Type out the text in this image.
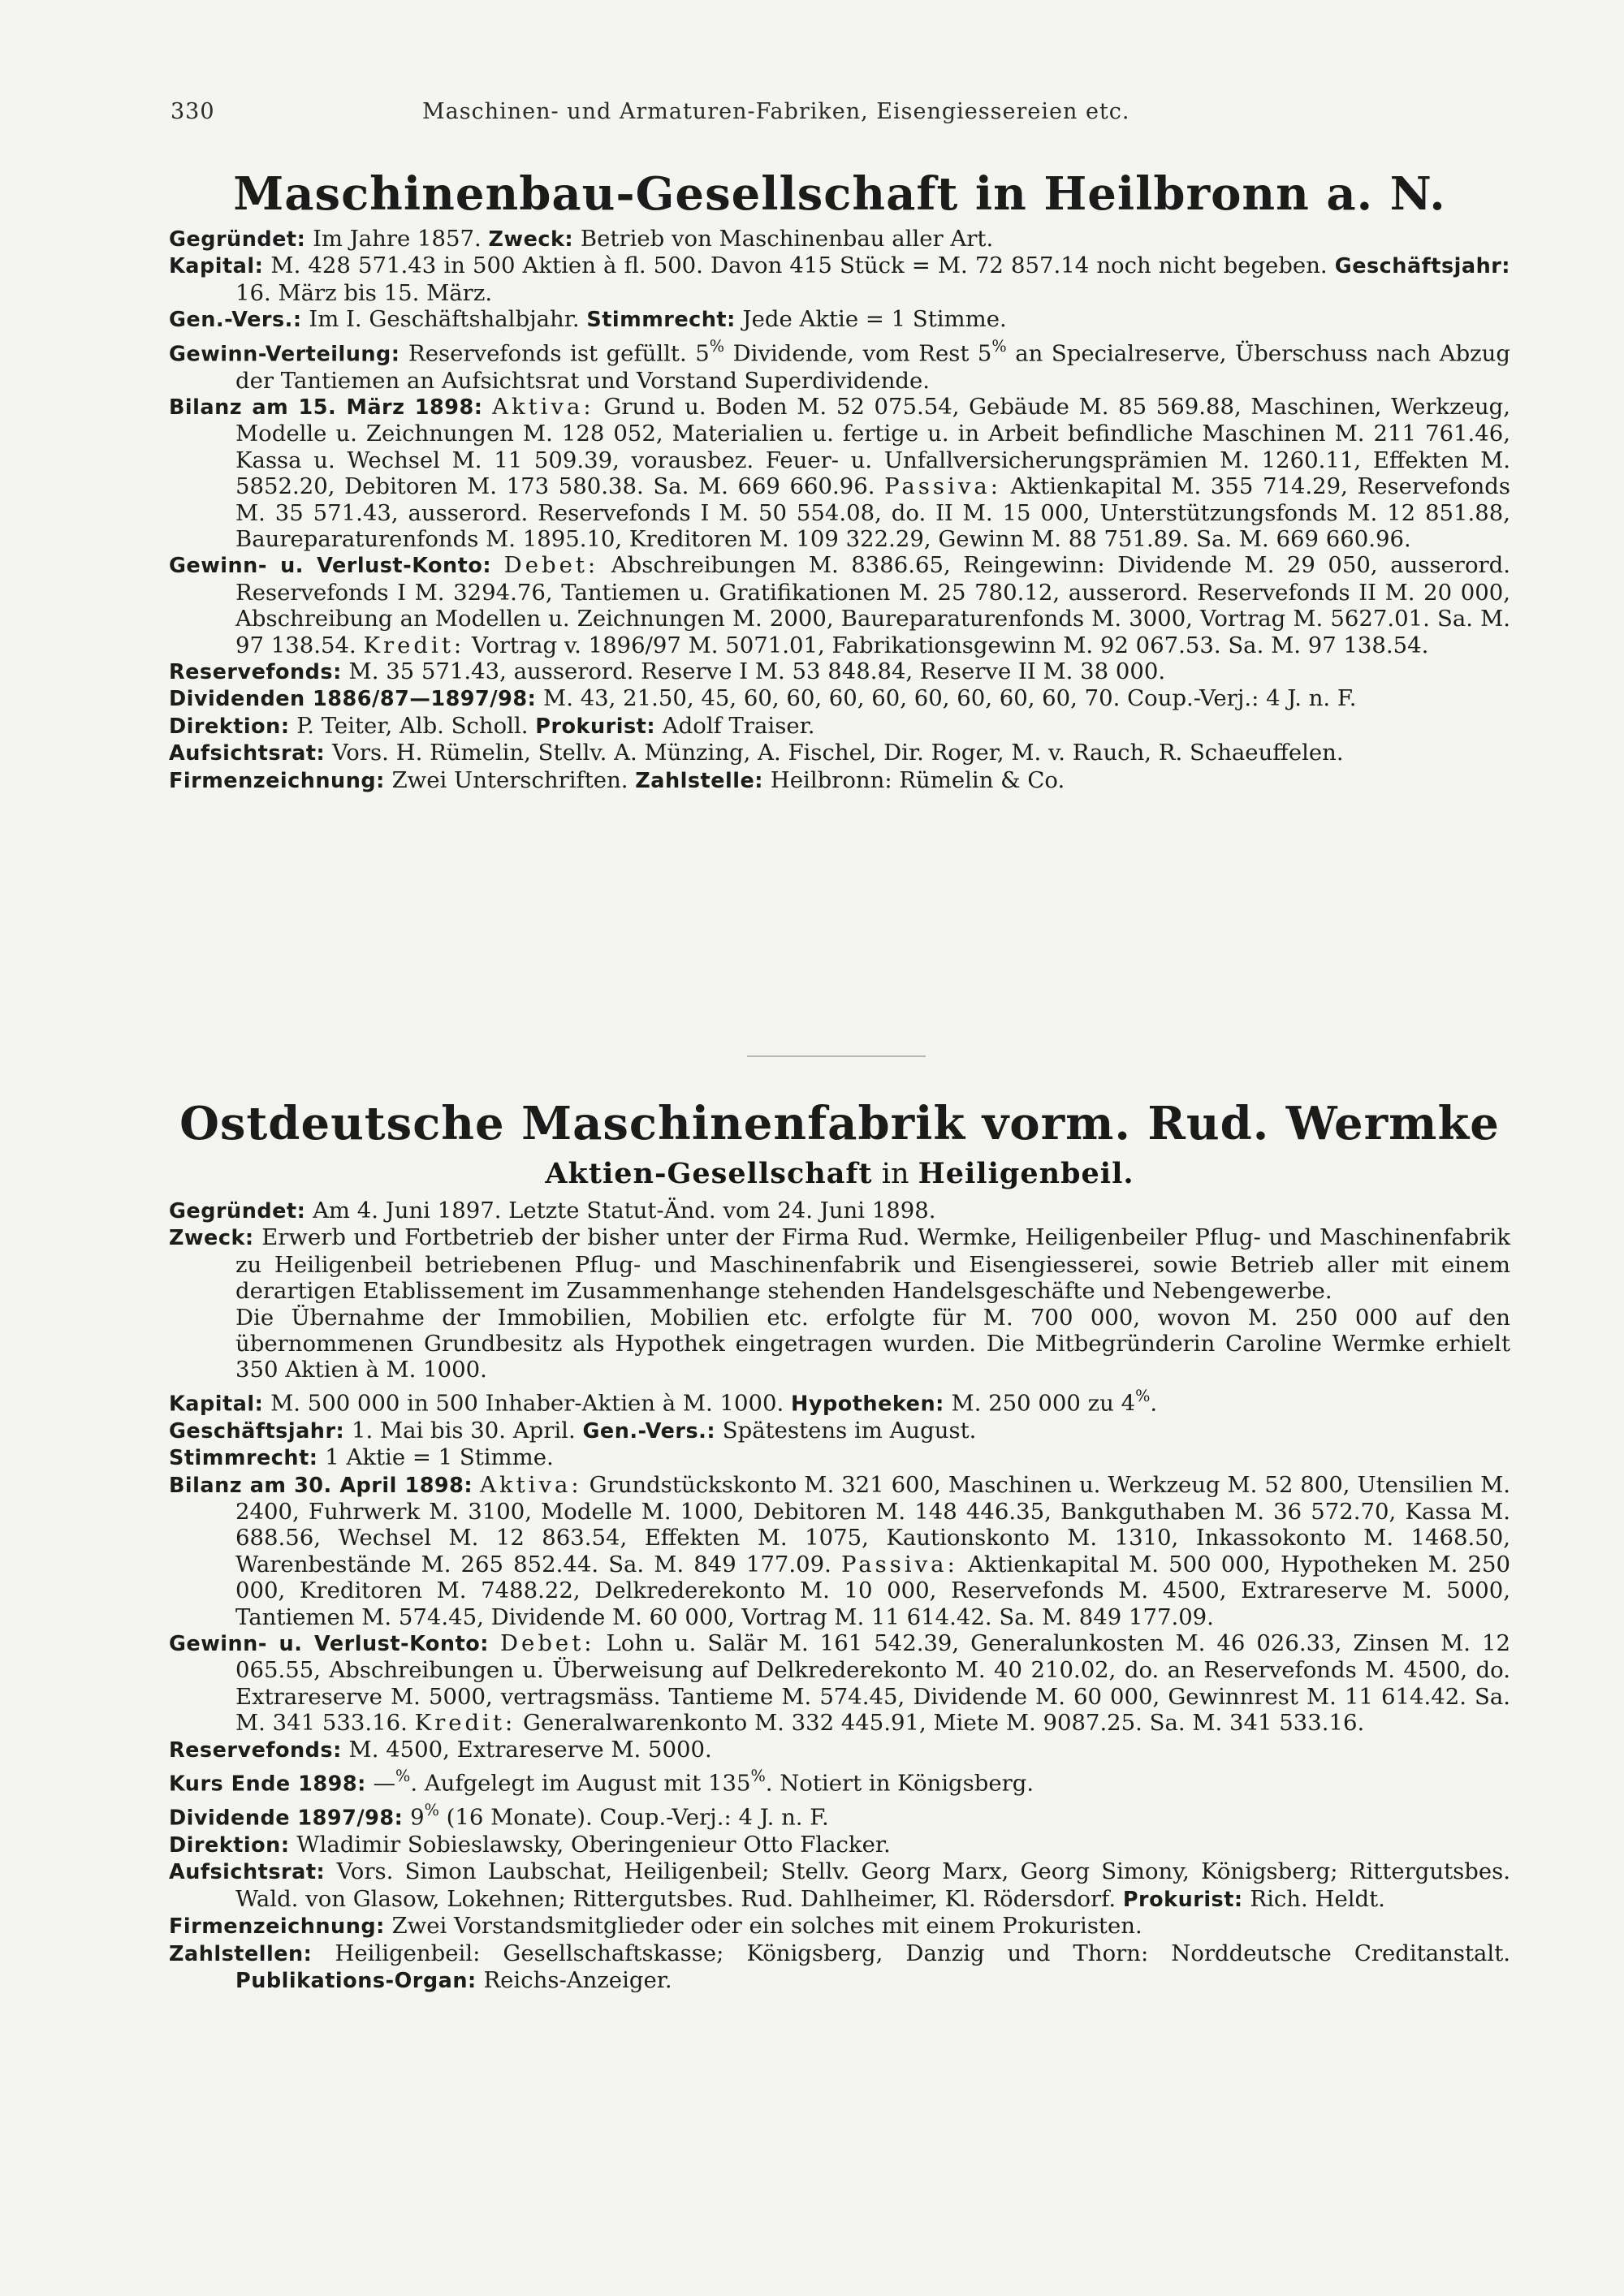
330	Maschinen- und Armaturen-Fabriken, Eisengiessereien etc.
Maschinenbau-Gesellschaft in Heilbronn a. N.

Gegründet: Im Jahre 1857. Zweck: Betrieb von Maschinenbau aller Art.

Kapital: M. 428 571.43 in 500 Aktien à fl. 500. Davon 415 Stück = M. 72 857.14 noch nicht begeben. Geschäftsjahr: 16. März bis 15. März.

Gen.-Vers.: Im I. Geschäftshalbjahr. Stimmrecht: Jede Aktie = 1 Stimme.

Gewinn-Verteilung: Reservefonds ist gefüllt. 5% Dividende, vom Rest 5% an Specialreserve, Überschuss nach Abzug der Tantiemen an Aufsichtsrat und Vorstand Superdividende.

Bilanz am 15. März 1898: Aktiva: Grund u. Boden M. 52 075.54, Gebäude M. 85 569.88, Maschinen, Werkzeug, Modelle u. Zeichnungen M. 128 052, Materialien u. fertige u. in Arbeit befindliche Maschinen M. 211 761.46, Kassa u. Wechsel M. 11 509.39, vorausbez. Feuer- u. Unfallversicherungsprämien M. 1260.11, Effekten M. 5852.20, Debitoren M. 173 580.38. Sa. M. 669 660.96. Passiva: Aktienkapital M. 355 714.29, Reservefonds M. 35 571.43, ausserord. Reservefonds I M. 50 554.08, do. II M. 15 000, Unterstützungsfonds M. 12 851.88, Baureparaturenfonds M. 1895.10, Kreditoren M. 109 322.29, Gewinn M. 88 751.89. Sa. M. 669 660.96.

Gewinn- u. Verlust-Konto: Debet: Abschreibungen M. 8386.65, Reingewinn: Dividende M. 29 050, ausserord. Reservefonds I M. 3294.76, Tantiemen u. Gratifikationen M. 25 780.12, ausserord. Reservefonds II M. 20 000, Abschreibung an Modellen u. Zeichnungen M. 2000, Baureparaturenfonds M. 3000, Vortrag M. 5627.01. Sa. M. 97 138.54. Kredit: Vortrag v. 1896/97 M. 5071.01, Fabrikationsgewinn M. 92 067.53. Sa. M. 97 138.54.

Reservefonds: M. 35 571.43, ausserord. Reserve I M. 53 848.84, Reserve II M. 38 000.

Dividenden 1886/87—1897/98: M. 43, 21.50, 45, 60, 60, 60, 60, 60, 60, 60, 60, 70. Coup.-Verj.: 4 J. n. F.

Direktion: P. Teiter, Alb. Scholl. Prokurist: Adolf Traiser.

Aufsichtsrat: Vors. H. Rümelin, Stellv. A. Münzing, A. Fischel, Dir. Roger, M. v. Rauch, R. Schaeuffelen.

Firmenzeichnung: Zwei Unterschriften. Zahlstelle: Heilbronn: Rümelin & Co.

Ostdeutsche Maschinenfabrik vorm. Rud. Wermke

Aktien-Gesellschaft in Heiligenbeil.

Gegründet: Am 4. Juni 1897. Letzte Statut-Änd. vom 24. Juni 1898.

Zweck: Erwerb und Fortbetrieb der bisher unter der Firma Rud. Wermke, Heiligenbeiler Pflug- und Maschinenfabrik zu Heiligenbeil betriebenen Pflug- und Maschinenfabrik und Eisengiesserei, sowie Betrieb aller mit einem derartigen Etablissement im Zusammenhange stehenden Handelsgeschäfte und Nebengewerbe.

Die Übernahme der Immobilien, Mobilien etc. erfolgte für M. 700 000, wovon M. 250 000 auf den übernommenen Grundbesitz als Hypothek eingetragen wurden. Die Mitbegründerin Caroline Wermke erhielt 350 Aktien à M. 1000.

Kapital: M. 500 000 in 500 Inhaber-Aktien à M. 1000. Hypotheken: M. 250 000 zu 4%.

Geschäftsjahr: 1. Mai bis 30. April. Gen.-Vers.: Spätestens im August.

Stimmrecht: 1 Aktie = 1 Stimme.

Bilanz am 30. April 1898: Aktiva: Grundstückskonto M. 321 600, Maschinen u. Werkzeug M. 52 800, Utensilien M. 2400, Fuhrwerk M. 3100, Modelle M. 1000, Debitoren M. 148 446.35, Bankguthaben M. 36 572.70, Kassa M. 688.56, Wechsel M. 12 863.54, Effekten M. 1075, Kautionskonto M. 1310, Inkassokonto M. 1468.50, Warenbestände M. 265 852.44. Sa. M. 849 177.09. Passiva: Aktienkapital M. 500 000, Hypotheken M. 250 000, Kreditoren M. 7488.22, Delkrederekonto M. 10 000, Reservefonds M. 4500, Extrareserve M. 5000, Tantiemen M. 574.45, Dividende M. 60 000, Vortrag M. 11 614.42. Sa. M. 849 177.09.

Gewinn- u. Verlust-Konto: Debet: Lohn u. Salär M. 161 542.39, Generalunkosten M. 46 026.33, Zinsen M. 12 065.55, Abschreibungen u. Überweisung auf Delkrederekonto M. 40 210.02, do. an Reservefonds M. 4500, do. Extrareserve M. 5000, vertragsmäss. Tantieme M. 574.45, Dividende M. 60 000, Gewinnrest M. 11 614.42. Sa. M. 341 533.16. Kredit: Generalwarenkonto M. 332 445.91, Miete M. 9087.25. Sa. M. 341 533.16.

Reservefonds: M. 4500, Extrareserve M. 5000.

Kurs Ende 1898: —%. Aufgelegt im August mit 135%. Notiert in Königsberg.

Dividende 1897/98: 9% (16 Monate). Coup.-Verj.: 4 J. n. F.

Direktion: Wladimir Sobieslawsky, Oberingenieur Otto Flacker.

Aufsichtsrat: Vors. Simon Laubschat, Heiligenbeil; Stellv. Georg Marx, Georg Simony, Königsberg; Rittergutsbes. Wald. von Glasow, Lokehnen; Rittergutsbes. Rud. Dahlheimer, Kl. Rödersdorf. Prokurist: Rich. Heldt.

Firmenzeichnung: Zwei Vorstandsmitglieder oder ein solches mit einem Prokuristen.

Zahlstellen: Heiligenbeil: Gesellschaftskasse; Königsberg, Danzig und Thorn: Norddeutsche Creditanstalt. Publikations-Organ: Reichs-Anzeiger.
